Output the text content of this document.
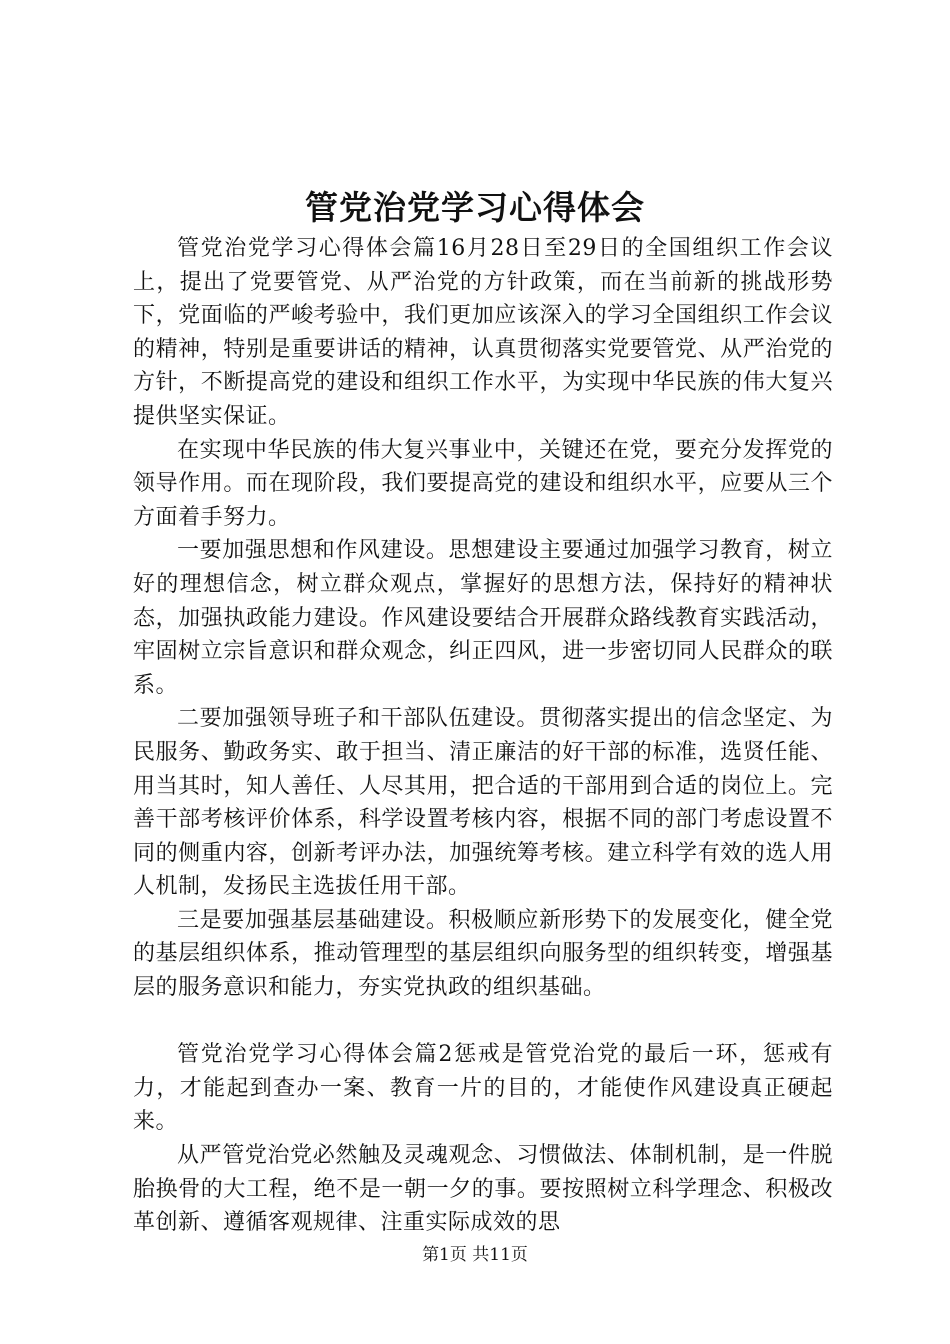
管党治党学习心得体会

管党治党学习心得体会篇16月28日至29日的全国组织工作会议上，提出了党要管党、从严治党的方针政策，而在当前新的挑战形势下，党面临的严峻考验中，我们更加应该深入的学习全国组织工作会议的精神，特别是重要讲话的精神，认真贯彻落实党要管党、从严治党的方针，不断提高党的建设和组织工作水平，为实现中华民族的伟大复兴提供坚实保证。

在实现中华民族的伟大复兴事业中，关键还在党，要充分发挥党的领导作用。而在现阶段，我们要提高党的建设和组织水平，应要从三个方面着手努力。

一要加强思想和作风建设。思想建设主要通过加强学习教育，树立好的理想信念，树立群众观点，掌握好的思想方法，保持好的精神状态，加强执政能力建设。作风建设要结合开展群众路线教育实践活动，牢固树立宗旨意识和群众观念，纠正四风，进一步密切同人民群众的联系。

二要加强领导班子和干部队伍建设。贯彻落实提出的信念坚定、为民服务、勤政务实、敢于担当、清正廉洁的好干部的标准，选贤任能、用当其时，知人善任、人尽其用，把合适的干部用到合适的岗位上。完善干部考核评价体系，科学设置考核内容，根据不同的部门考虑设置不同的侧重内容，创新考评办法，加强统筹考核。建立科学有效的选人用人机制，发扬民主选拔任用干部。

三是要加强基层基础建设。积极顺应新形势下的发展变化，健全党的基层组织体系，推动管理型的基层组织向服务型的组织转变，增强基层的服务意识和能力，夯实党执政的组织基础。

管党治党学习心得体会篇2惩戒是管党治党的最后一环，惩戒有力，才能起到查办一案、教育一片的目的，才能使作风建设真正硬起来。

从严管党治党必然触及灵魂观念、习惯做法、体制机制，是一件脱胎换骨的大工程，绝不是一朝一夕的事。要按照树立科学理念、积极改革创新、遵循客观规律、注重实际成效的思

第1页 共11页
